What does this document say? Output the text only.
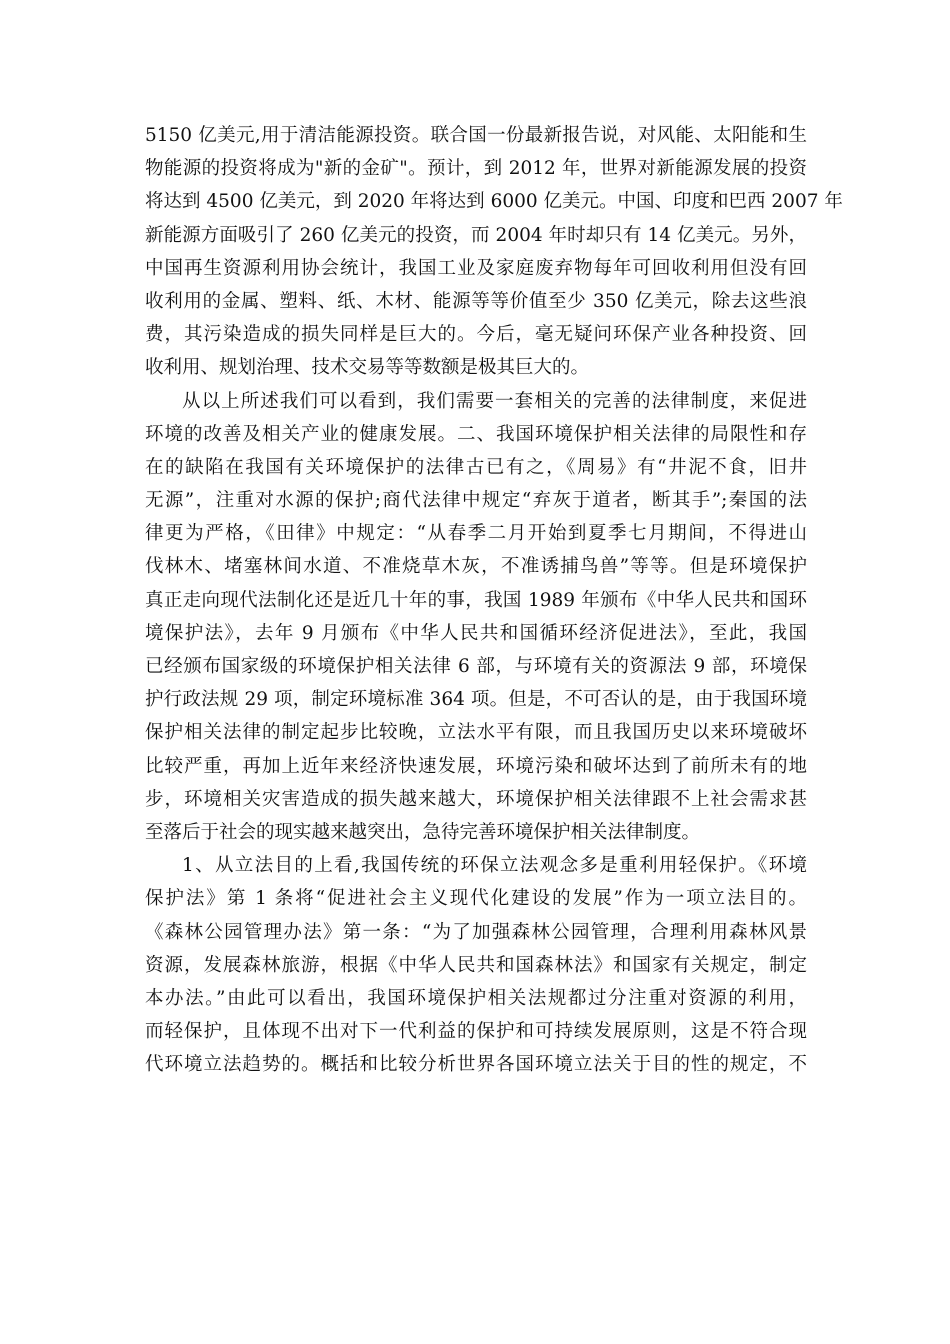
5150 亿美元,用于清洁能源投资。联合国一份最新报告说，对风能、太阳能和生
物能源的投资将成为"新的金矿"。预计，到 2012 年，世界对新能源发展的投资
将达到 4500 亿美元，到 2020 年将达到 6000 亿美元。中国、印度和巴西 2007 年
新能源方面吸引了 260 亿美元的投资，而 2004 年时却只有 14 亿美元。另外，
中国再生资源利用协会统计，我国工业及家庭废弃物每年可回收利用但没有回
收利用的金属、塑料、纸、木材、能源等等价值至少 350 亿美元，除去这些浪
费，其污染造成的损失同样是巨大的。今后，毫无疑问环保产业各种投资、回
收利用、规划治理、技术交易等等数额是极其巨大的。
从以上所述我们可以看到，我们需要一套相关的完善的法律制度，来促进
环境的改善及相关产业的健康发展。二、我国环境保护相关法律的局限性和存
在的缺陷在我国有关环境保护的法律古已有之，《周易》有“井泥不食，旧井
无源”，注重对水源的保护;商代法律中规定“弃灰于道者，断其手”;秦国的法
律更为严格，《田律》中规定：“从春季二月开始到夏季七月期间，不得进山
伐林木、堵塞林间水道、不准烧草木灰，不准诱捕鸟兽”等等。但是环境保护
真正走向现代法制化还是近几十年的事，我国 1989 年颁布《中华人民共和国环
境保护法》，去年 9 月颁布《中华人民共和国循环经济促进法》，至此，我国
已经颁布国家级的环境保护相关法律 6 部，与环境有关的资源法 9 部，环境保
护行政法规 29 项，制定环境标准 364 项。但是，不可否认的是，由于我国环境
保护相关法律的制定起步比较晚，立法水平有限，而且我国历史以来环境破坏
比较严重，再加上近年来经济快速发展，环境污染和破坏达到了前所未有的地
步，环境相关灾害造成的损失越来越大，环境保护相关法律跟不上社会需求甚
至落后于社会的现实越来越突出，急待完善环境保护相关法律制度。
1、从立法目的上看,我国传统的环保立法观念多是重利用轻保护。《环境
保护法》第 1 条将“促进社会主义现代化建设的发展”作为一项立法目的。
《森林公园管理办法》第一条：“为了加强森林公园管理，合理利用森林风景
资源，发展森林旅游，根据《中华人民共和国森林法》和国家有关规定，制定
本办法。”由此可以看出，我国环境保护相关法规都过分注重对资源的利用，
而轻保护，且体现不出对下一代利益的保护和可持续发展原则，这是不符合现
代环境立法趋势的。概括和比较分析世界各国环境立法关于目的性的规定，不
